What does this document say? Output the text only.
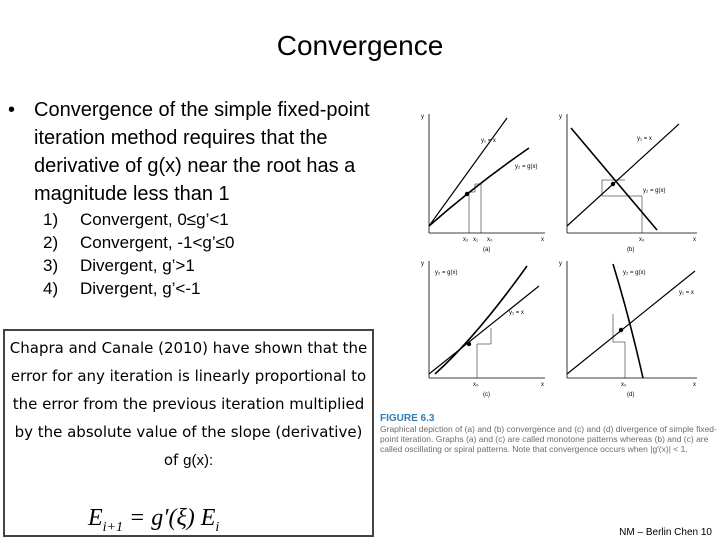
Convergence
• Convergence of the simple fixed-point iteration method requires that the derivative of g(x) near the root has a magnitude less than 1
1)	Convergent, 0≤g’<1
2)	Convergent, -1<g’≤0
3)	Divergent, g’>1
4)	Divergent, g’<-1
y
x
y₁ = x
y₂ = g(x)
x₂ x₁ x₀
(a)
y
x
y₁ = x
y₂ = g(x)
x₀
(b)
y
x
y₂ = g(x)
y₁ = x
x₀
(c)
y
x
y₂ = g(x)
y₁ = x
x₀
(d)
FIGURE 6.3
Graphical depiction of (a) and (b) convergence and (c) and (d) divergence of simple fixed-point iteration. Graphs (a) and (c) are called monotone patterns whereas (b) and (c) are called oscillating or spiral patterns. Note that convergence occurs when |g′(x)| < 1.
Chapra and Canale (2010) have shown that the error for any iteration is linearly proportional to the error from the previous iteration multiplied by the absolute value of the slope (derivative) of g(x):
$E_{i+1} = g'(\xi)$ $E_i$	NM – Berlin Chen 10
